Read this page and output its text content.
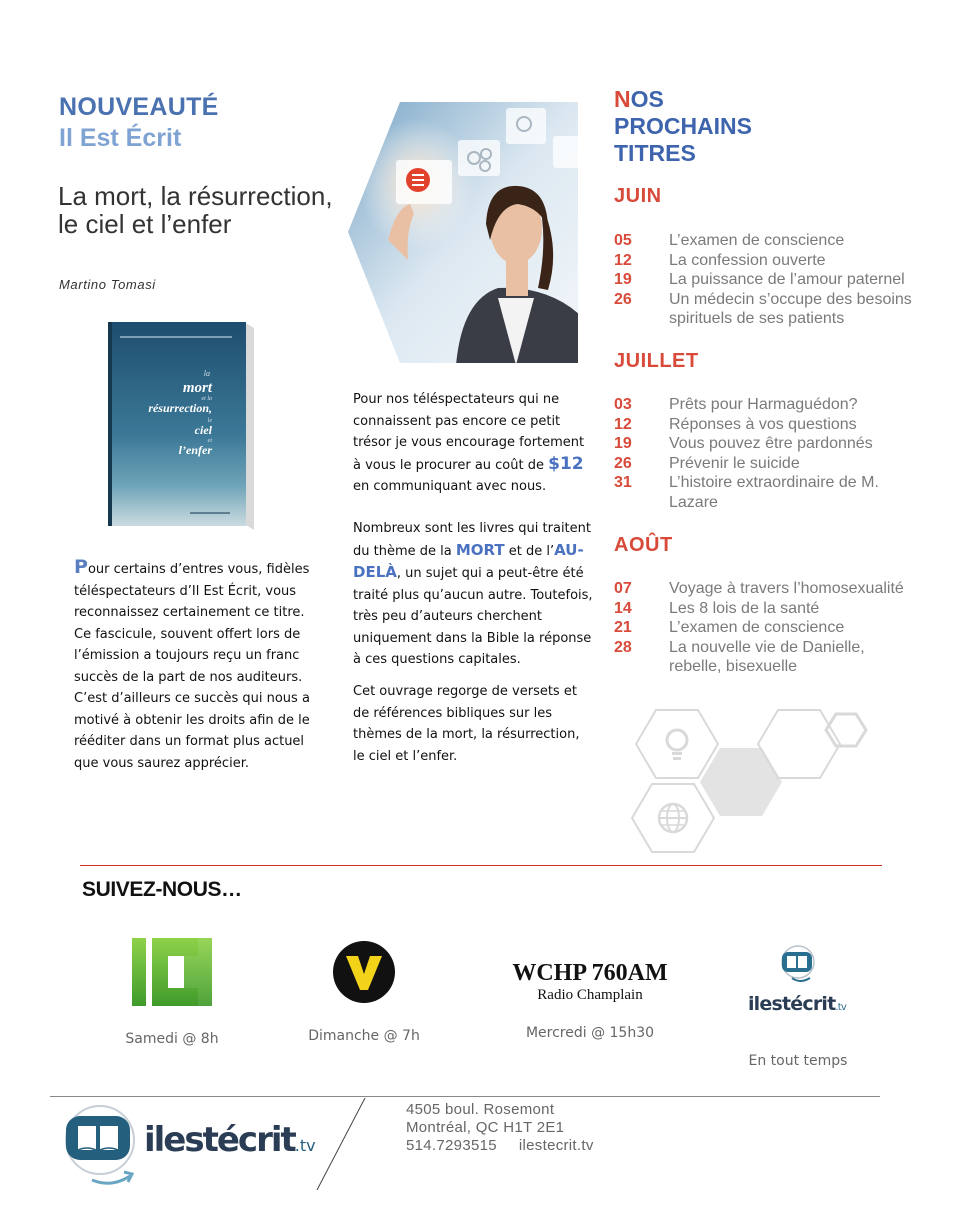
NOUVEAUTÉ
Il Est Écrit
La mort, la résurrection, le ciel et l’enfer
Martino Tomasi
la
mort
et la
résurrection,
le
ciel
et
l’enfer
Pour certains d’entres vous, fidèles téléspectateurs d’Il Est Écrit, vous reconnaissez certainement ce titre. Ce fascicule, souvent offert lors de l’émission a toujours reçu un franc succès de la part de nos auditeurs. C’est d’ailleurs ce succès qui nous a motivé à obtenir les droits afin de le rééditer dans un format plus actuel que vous saurez apprécier.
Pour nos téléspectateurs qui ne connaissent pas encore ce petit trésor je vous encourage fortement à vous le procurer au coût de $12 en communiquant avec nous.
Nombreux sont les livres qui traitent du thème de la MORT et de l’AU-DELÀ, un sujet qui a peut-être été traité plus qu’aucun autre. Toutefois, très peu d’auteurs cherchent uniquement dans la Bible la réponse à ces questions capitales.
Cet ouvrage regorge de versets et de références bibliques sur les thèmes de la mort, la résurrection, le ciel et l’enfer.
NOS
PROCHAINS
TITRES
JUIN
05	L’examen de conscience
12	La confession ouverte
19	La puissance de l’amour paternel
26	Un médecin s’occupe des besoins spirituels de ses patients
JUILLET
03	Prêts pour Harmaguédon?
12	Réponses à vos questions
19	Vous pouvez être pardonnés
26	Prévenir le suicide
31	L’histoire extraordinaire de M. Lazare
AOÛT
07	Voyage à travers l’homosexualité
14	Les 8 lois de la santé
21	L’examen de conscience
28	La nouvelle vie de Danielle, rebelle, bisexuelle
SUIVEZ-NOUS…
Samedi @ 8h	Dimanche @ 7h
WCHP 760AM
Radio Champlain
Mercredi @ 15h30
ilestécrit.tv
En tout temps
ilestécrit.tv
4505 boul. Rosemont
Montréal, QC H1T 2E1
514.7293515 ilestecrit.tv
